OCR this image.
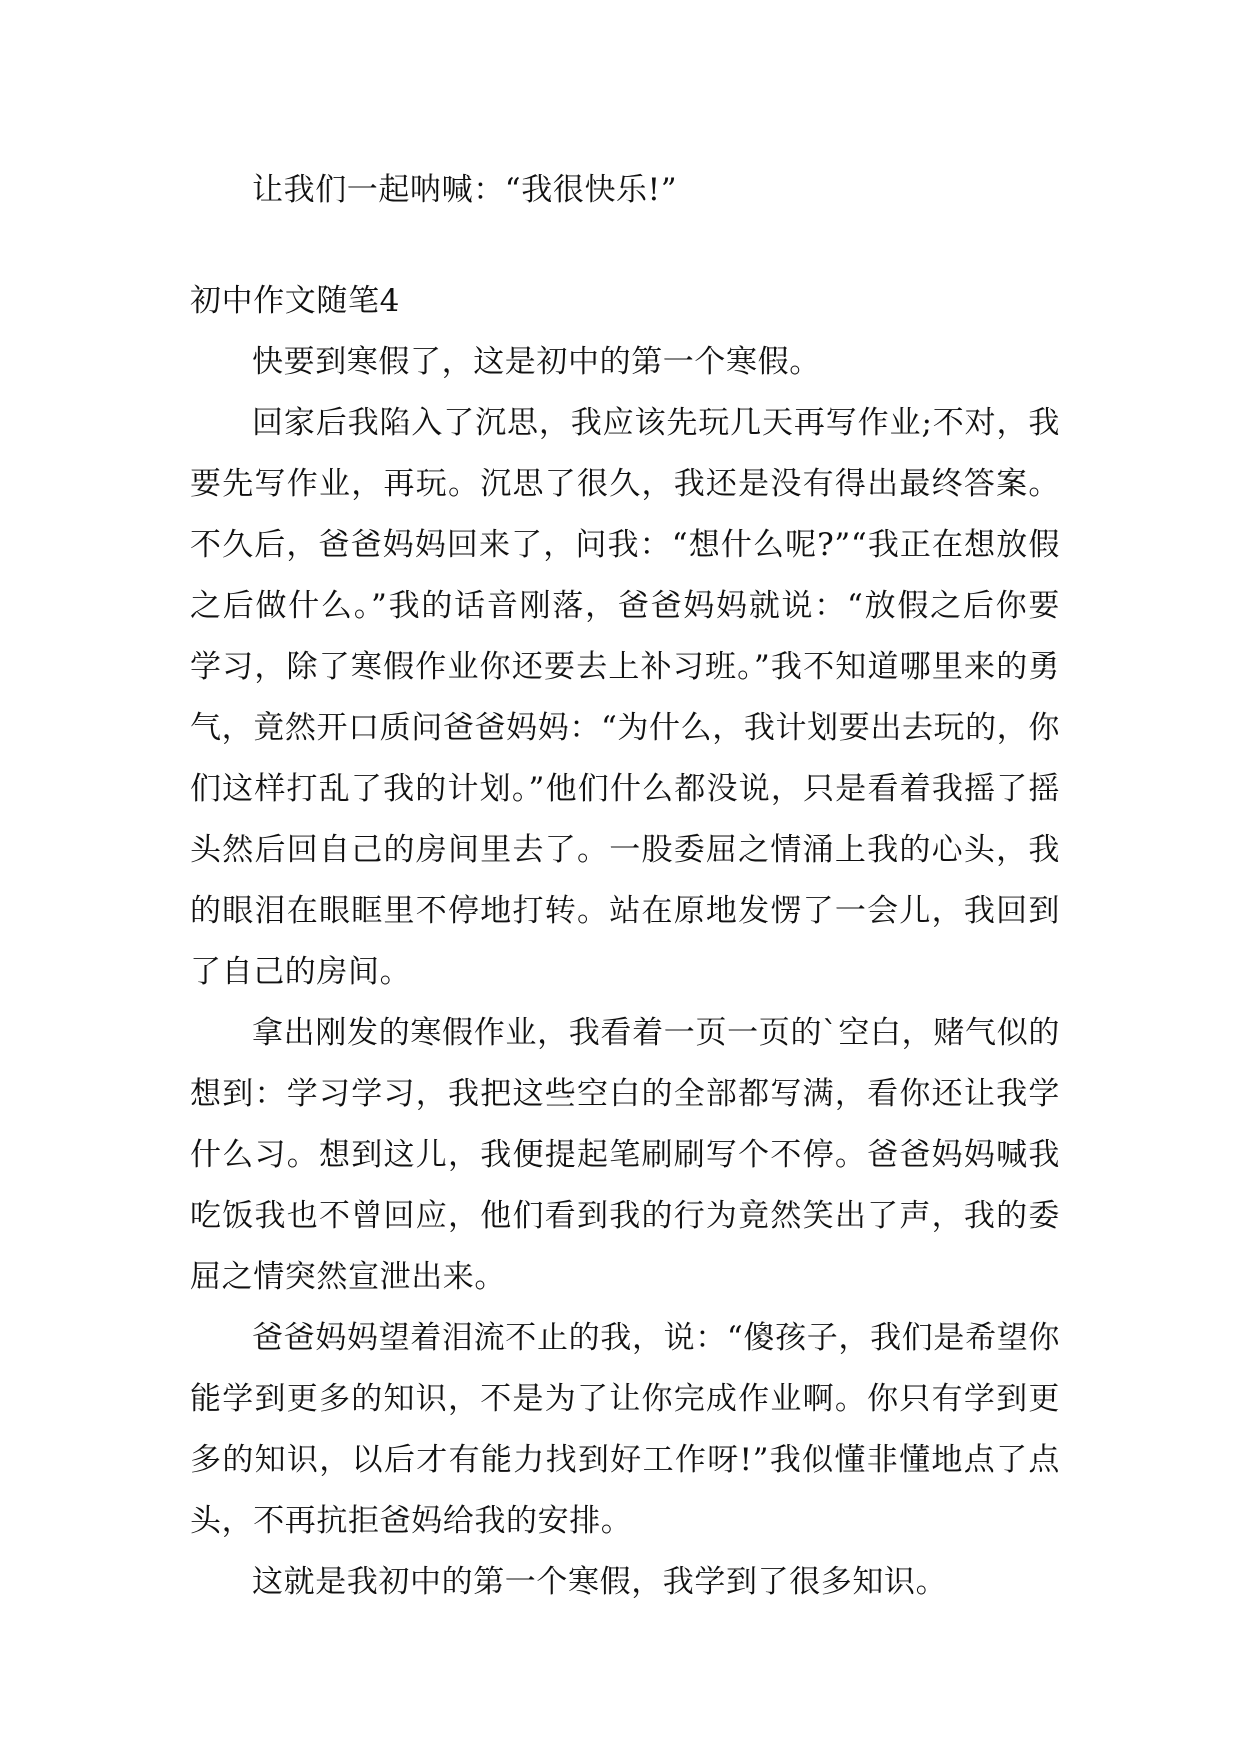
让我们一起呐喊：“我很快乐!”

初中作文随笔4

快要到寒假了，这是初中的第一个寒假。

回家后我陷入了沉思，我应该先玩几天再写作业;不对，我要先写作业，再玩。沉思了很久，我还是没有得出最终答案。不久后，爸爸妈妈回来了，问我：“想什么呢?”“我正在想放假之后做什么。”我的话音刚落，爸爸妈妈就说：“放假之后你要学习，除了寒假作业你还要去上补习班。”我不知道哪里来的勇气，竟然开口质问爸爸妈妈：“为什么，我计划要出去玩的，你们这样打乱了我的计划。”他们什么都没说，只是看着我摇了摇头然后回自己的房间里去了。一股委屈之情涌上我的心头，我的眼泪在眼眶里不停地打转。站在原地发愣了一会儿，我回到了自己的房间。

拿出刚发的寒假作业，我看着一页一页的`空白，赌气似的想到：学习学习，我把这些空白的全部都写满，看你还让我学什么习。想到这儿，我便提起笔刷刷写个不停。爸爸妈妈喊我吃饭我也不曾回应，他们看到我的行为竟然笑出了声，我的委屈之情突然宣泄出来。

爸爸妈妈望着泪流不止的我，说：“傻孩子，我们是希望你能学到更多的知识，不是为了让你完成作业啊。你只有学到更多的知识，以后才有能力找到好工作呀!”我似懂非懂地点了点头，不再抗拒爸妈给我的安排。

这就是我初中的第一个寒假，我学到了很多知识。
